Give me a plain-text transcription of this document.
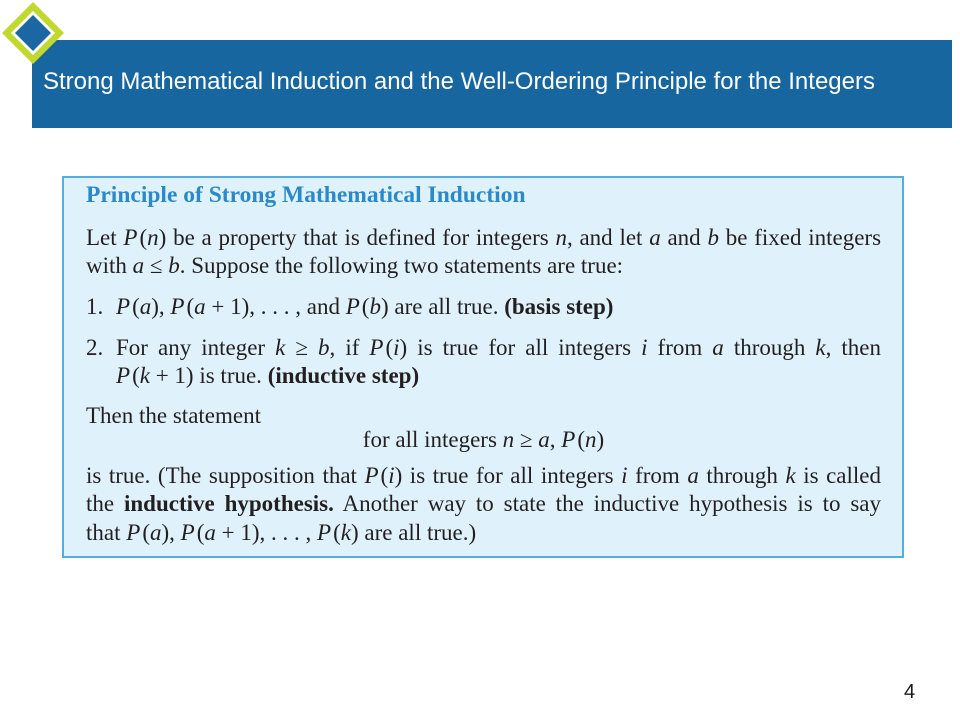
Strong Mathematical Induction and the Well-Ordering Principle for the Integers
Principle of Strong Mathematical Induction
Let P(n) be a property that is defined for integers n, and let a and b be fixed integers
with a ≤ b. Suppose the following two statements are true:
1. P(a), P(a + 1), . . . , and P(b) are all true. (basis step)
2. For any integer k ≥ b, if P(i) is true for all integers i from a through k, then
P(k + 1) is true. (inductive step)
Then the statement
for all integers n ≥ a, P(n)
is true. (The supposition that P(i) is true for all integers i from a through k is called
the inductive hypothesis. Another way to state the inductive hypothesis is to say
that P(a), P(a + 1), . . . , P(k) are all true.)
4
